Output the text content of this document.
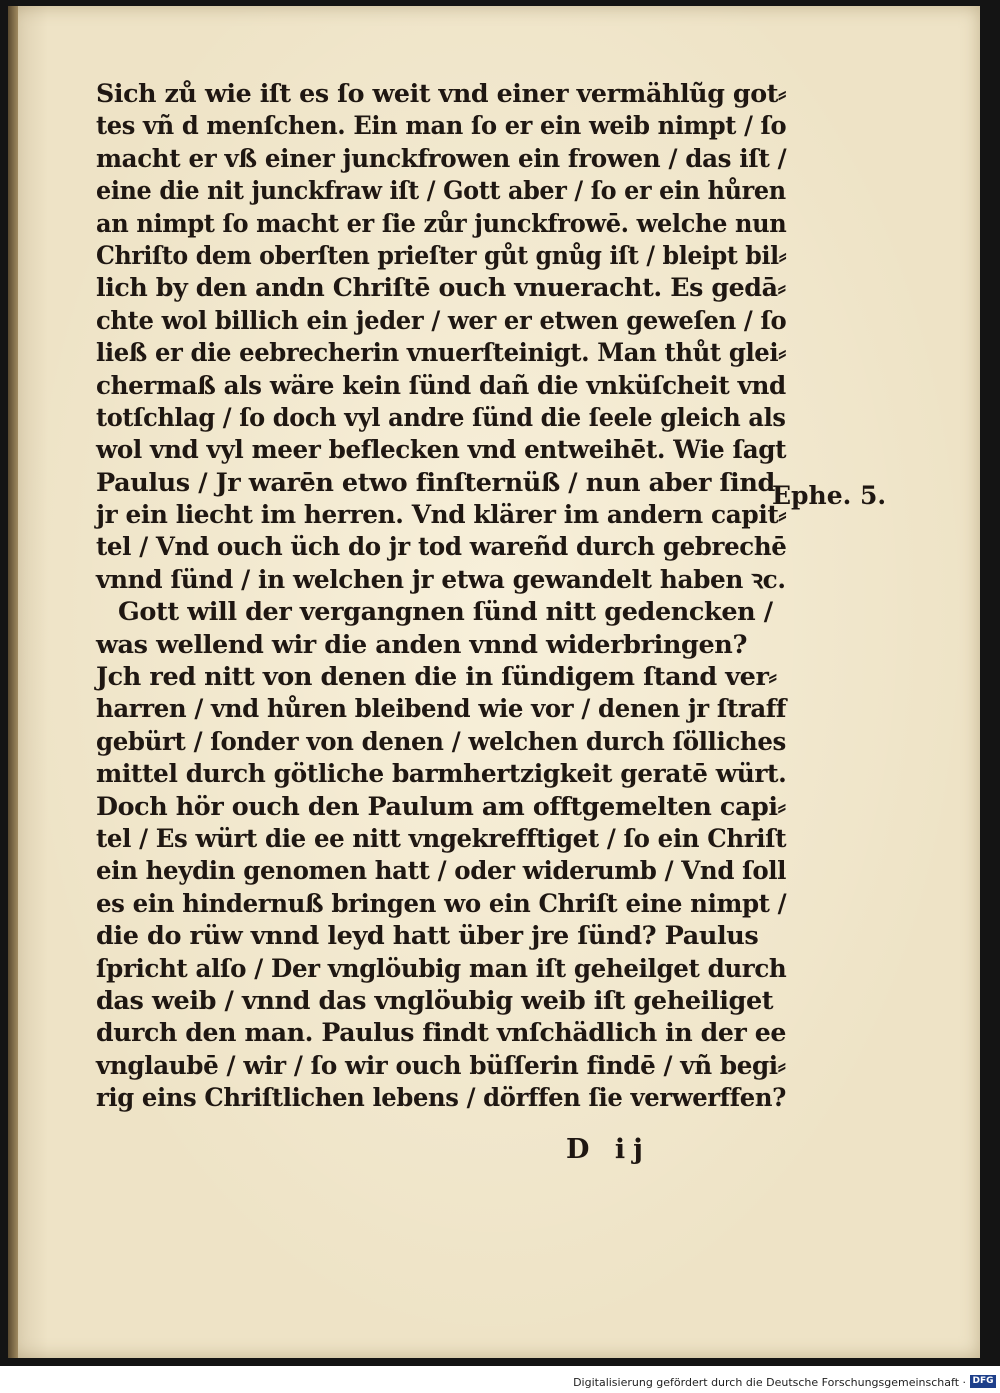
Sich zů wie iſt es ſo weit vnd einer vermählũg got⸗
tes vñ d menſchen. Ein man ſo er ein weib nimpt / ſo
macht er vß einer junckfrowen ein frowen / das iſt /
eine die nit junckfraw iſt / Gott aber / ſo er ein hůren
an nimpt ſo macht er ſie zůr junckfrowē. welche nun
Chriſto dem oberſten prieſter gůt gnůg iſt / bleipt bil⸗
lich by den andn Chriſtē ouch vnueracht. Es gedā⸗
chte wol billich ein jeder / wer er etwen geweſen / ſo
ließ er die eebrecherin vnuerſteinigt. Man thůt glei⸗
chermaß als wäre kein ſünd dañ die vnküſcheit vnd
totſchlag / ſo doch vyl andre ſünd die ſeele gleich als
wol vnd vyl meer beflecken vnd entweihēt. Wie ſagt
Paulus / Jr warēn etwo finſternüß / nun aber ſind
jr ein liecht im herren. Vnd klärer im andern capit⸗
tel / Vnd ouch üch do jr tod wareñd durch gebrechē
vnnd ſünd / in welchen jr etwa gewandelt haben ꝛc.
Gott will der vergangnen ſünd nitt gedencken /
was wellend wir die anden vnnd widerbringen?
Jch red nitt von denen die in ſündigem ſtand ver⸗
harren / vnd hůren bleibend wie vor / denen jr ſtraff
gebürt / ſonder von denen / welchen durch ſölliches
mittel durch götliche barmhertzigkeit geratē würt.
Doch hör ouch den Paulum am offtgemelten capi⸗
tel / Es würt die ee nitt vngekrefftiget / ſo ein Chriſt
ein heydin genomen hatt / oder widerumb / Vnd ſoll
es ein hindernuß bringen wo ein Chriſt eine nimpt /
die do rüw vnnd leyd hatt über jre ſünd? Paulus
ſpricht alſo / Der vnglöubig man iſt geheilget durch
das weib / vnnd das vnglöubig weib iſt geheiliget
durch den man. Paulus findt vnſchädlich in der ee
vnglaubē / wir / ſo wir ouch büſſerin findē / vñ begi⸗
rig eins Chriſtlichen lebens / dörffen ſie verwerffen?
Ephe. 5.
D ij
Digitalisierung gefördert durch die Deutsche Forschungsgemeinschaft · DFG
